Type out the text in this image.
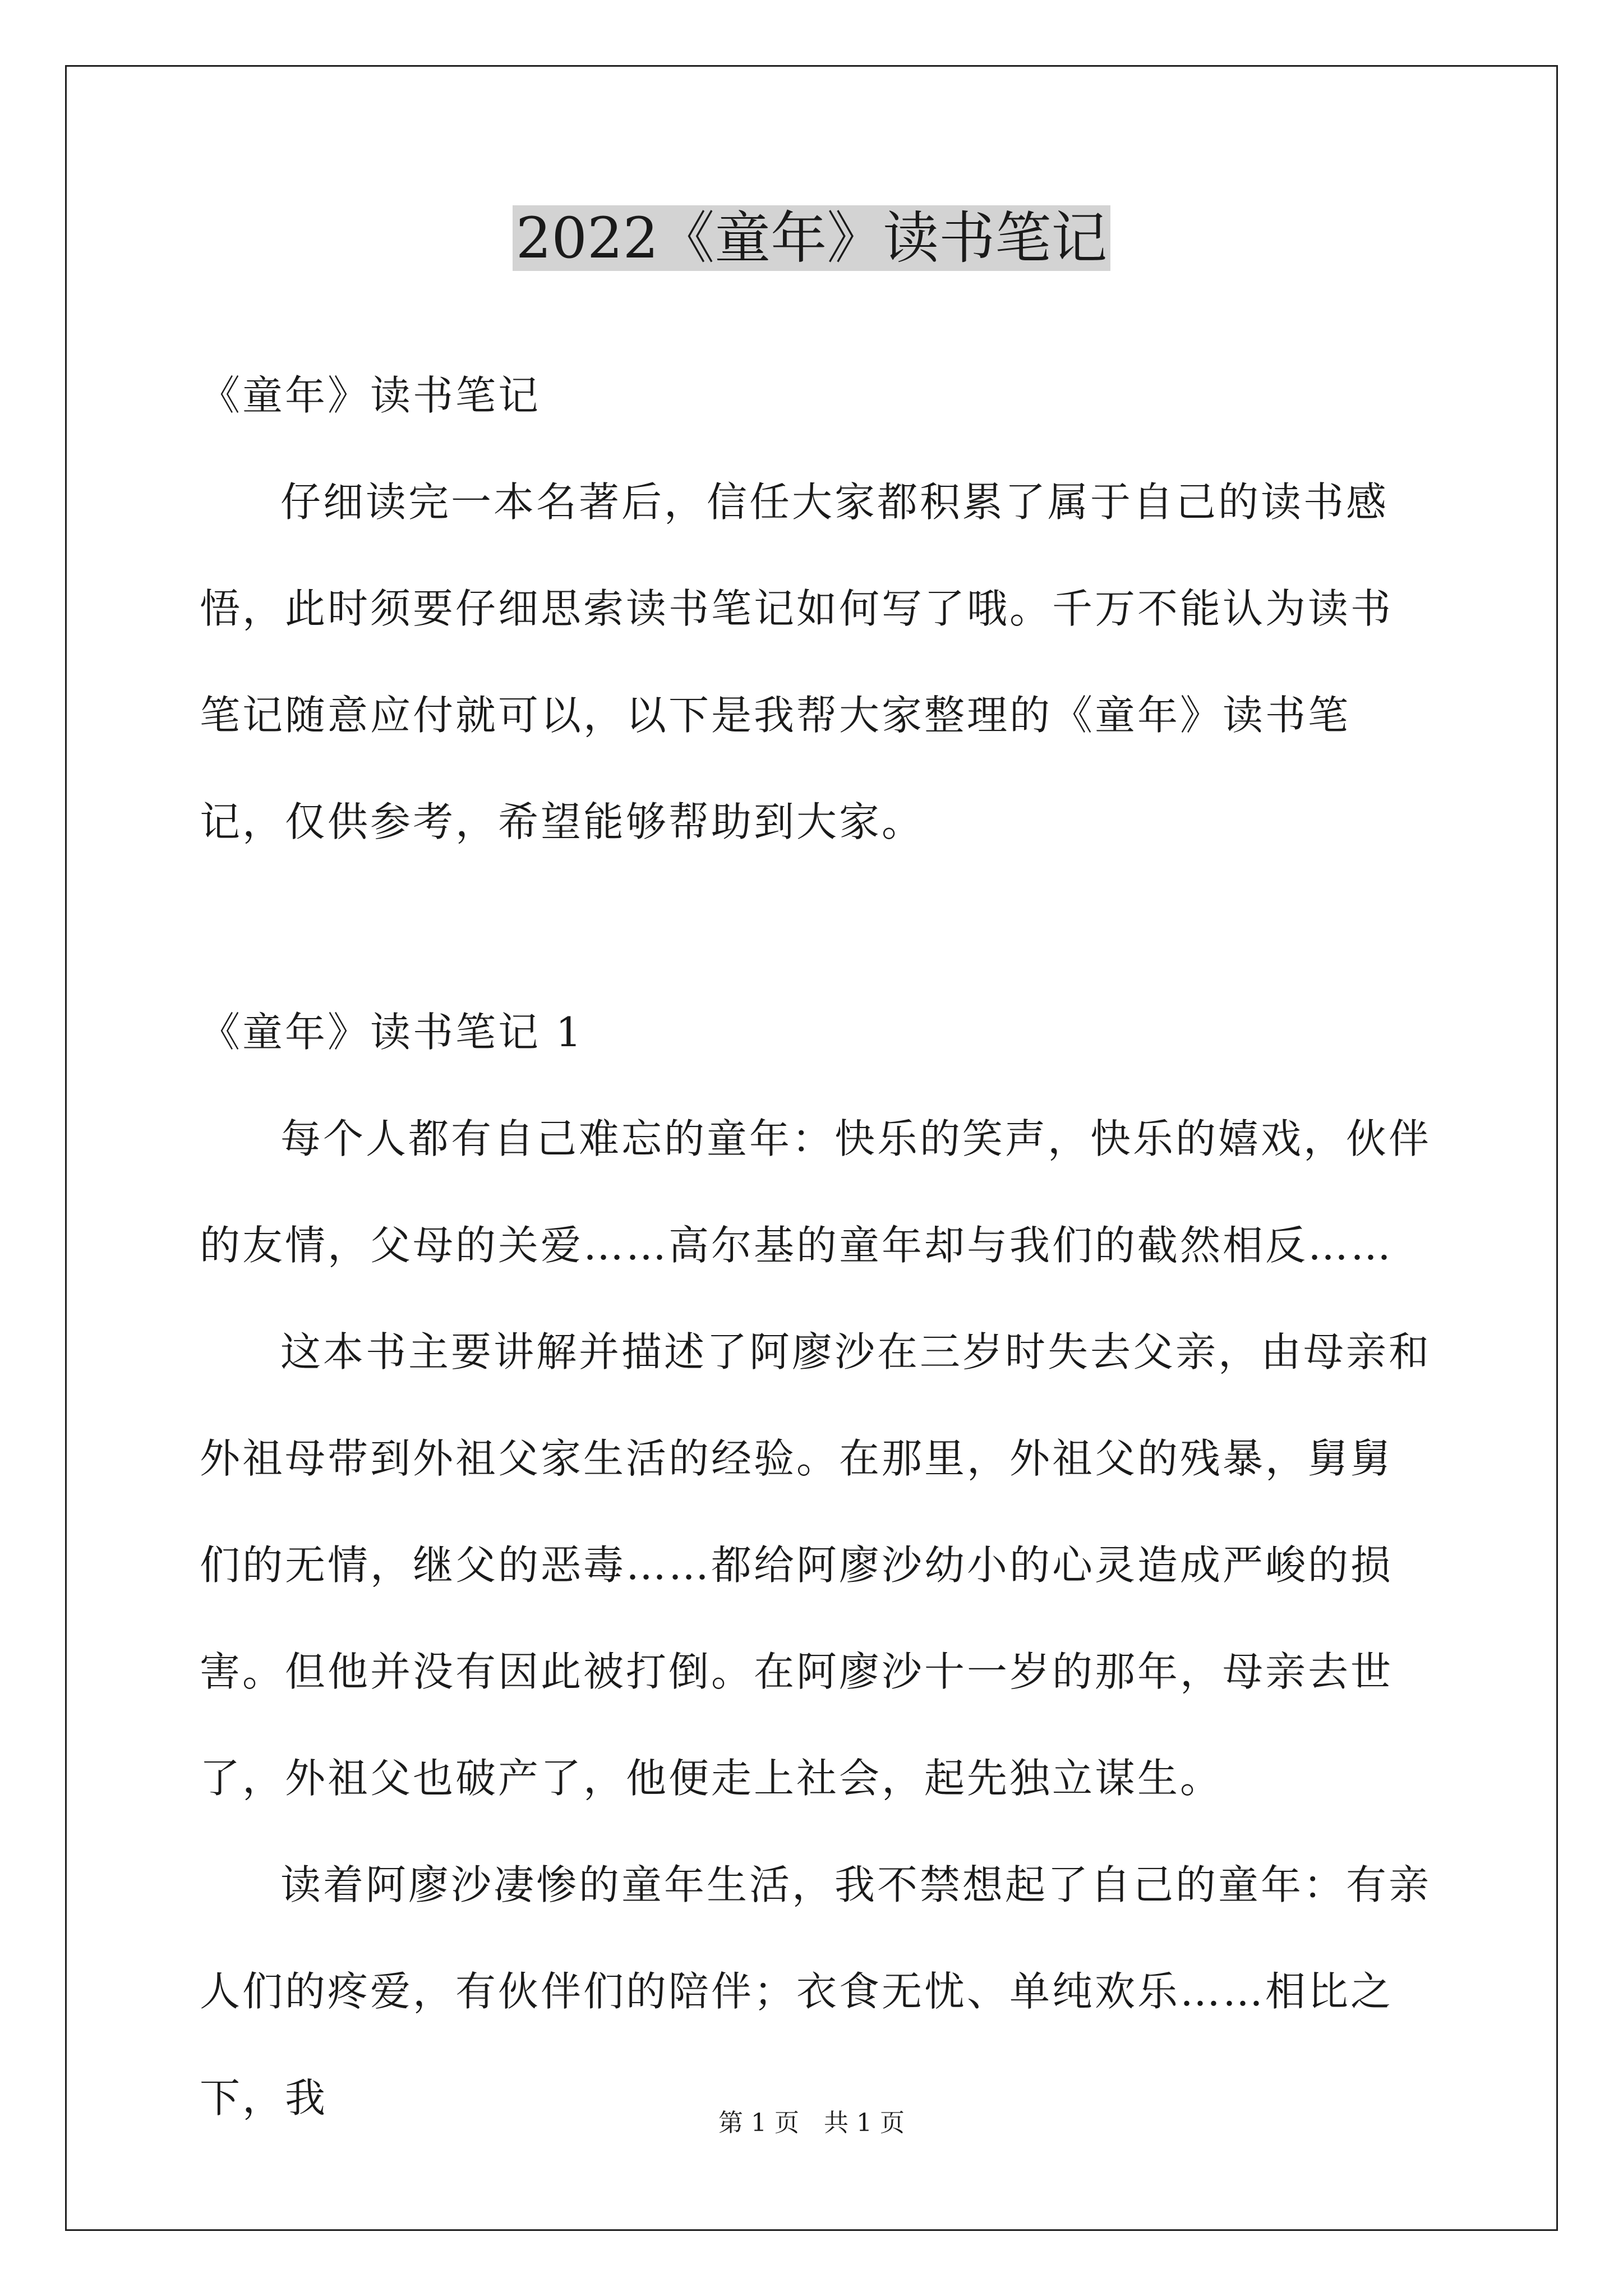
2022《童年》读书笔记

《童年》读书笔记

仔细读完一本名著后，信任大家都积累了属于自己的读书感悟，此时须要仔细思索读书笔记如何写了哦。千万不能认为读书笔记随意应付就可以，以下是我帮大家整理的《童年》读书笔记，仅供参考，希望能够帮助到大家。

《童年》读书笔记 1

每个人都有自己难忘的童年：快乐的笑声，快乐的嬉戏，伙伴的友情，父母的关爱……高尔基的童年却与我们的截然相反……

这本书主要讲解并描述了阿廖沙在三岁时失去父亲，由母亲和外祖母带到外祖父家生活的经验。在那里，外祖父的残暴，舅舅们的无情，继父的恶毒……都给阿廖沙幼小的心灵造成严峻的损害。但他并没有因此被打倒。在阿廖沙十一岁的那年，母亲去世了，外祖父也破产了，他便走上社会，起先独立谋生。

读着阿廖沙凄惨的童年生活，我不禁想起了自己的童年：有亲人们的疼爱，有伙伴们的陪伴；衣食无忧、单纯欢乐……相比之下，我

第 1 页 共 1 页
